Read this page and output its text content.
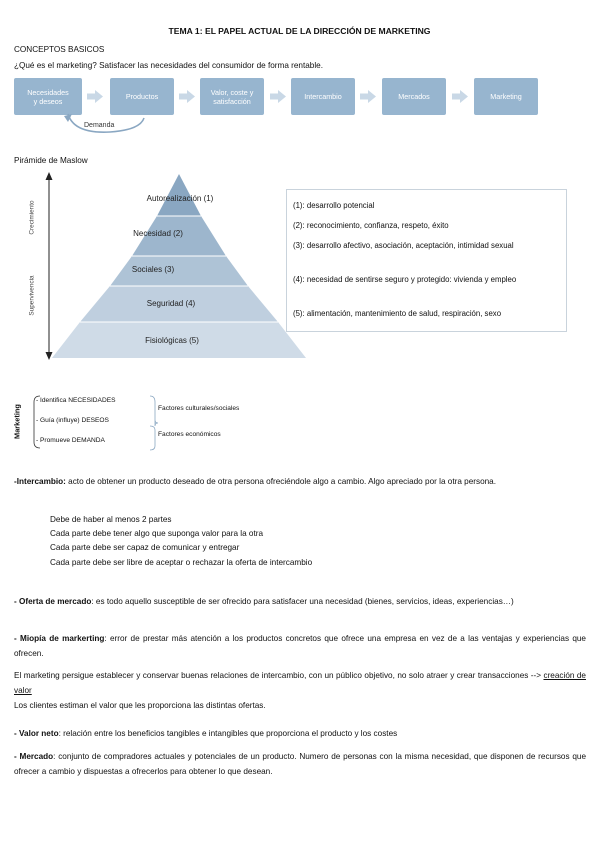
TEMA 1: EL PAPEL ACTUAL DE LA DIRECCIÓN DE MARKETING
CONCEPTOS BASICOS
¿Qué es el marketing? Satisfacer las necesidades del consumidor de forma rentable.
Necesidades
y deseos	Productos	Valor, coste y
satisfacción	Intercambio	Mercados	Marketing
Demanda
Pirámide de Maslow
Crecimiento
Supervivencia
Autorealización (1)
Necesidad (2)
Sociales (3)
Seguridad (4)
Fisiológicas (5)
(1): desarrollo potencial
(2): reconocimiento, confianza, respeto, éxito
(3): desarrollo afectivo, asociación, aceptación, intimidad sexual
(4): necesidad de sentirse seguro y protegido: vivienda y empleo
(5): alimentación, mantenimiento de salud, respiración, sexo
Marketing
- Identifica NECESIDADES
- Guía (influye) DESEOS
- Promueve DEMANDA
Factores culturales/sociales
Factores económicos
-Intercambio: acto de obtener un producto deseado de otra persona ofreciéndole algo a cambio. Algo apreciado por la otra persona.
Debe de haber al menos 2 partes
Cada parte debe tener algo que suponga valor para la otra
Cada parte debe ser capaz de comunicar y entregar
Cada parte debe ser libre de aceptar o rechazar la oferta de intercambio
- Oferta de mercado: es todo aquello susceptible de ser ofrecido para satisfacer una necesidad (bienes, servicios, ideas, experiencias…)
- Miopía de markerting: error de prestar más atención a los productos concretos que ofrece una empresa en vez de a las ventajas y experiencias que ofrecen.
El marketing persigue establecer y conservar buenas relaciones de intercambio, con un público objetivo, no solo atraer y crear transacciones --> creación de valor
Los clientes estiman el valor que les proporciona las distintas ofertas.
- Valor neto: relación entre los beneficios tangibles e intangibles que proporciona el producto y los costes
- Mercado: conjunto de compradores actuales y potenciales de un producto. Numero de personas con la misma necesidad, que disponen de recursos que ofrecer a cambio y dispuestas a ofrecerlos para obtener lo que desean.
